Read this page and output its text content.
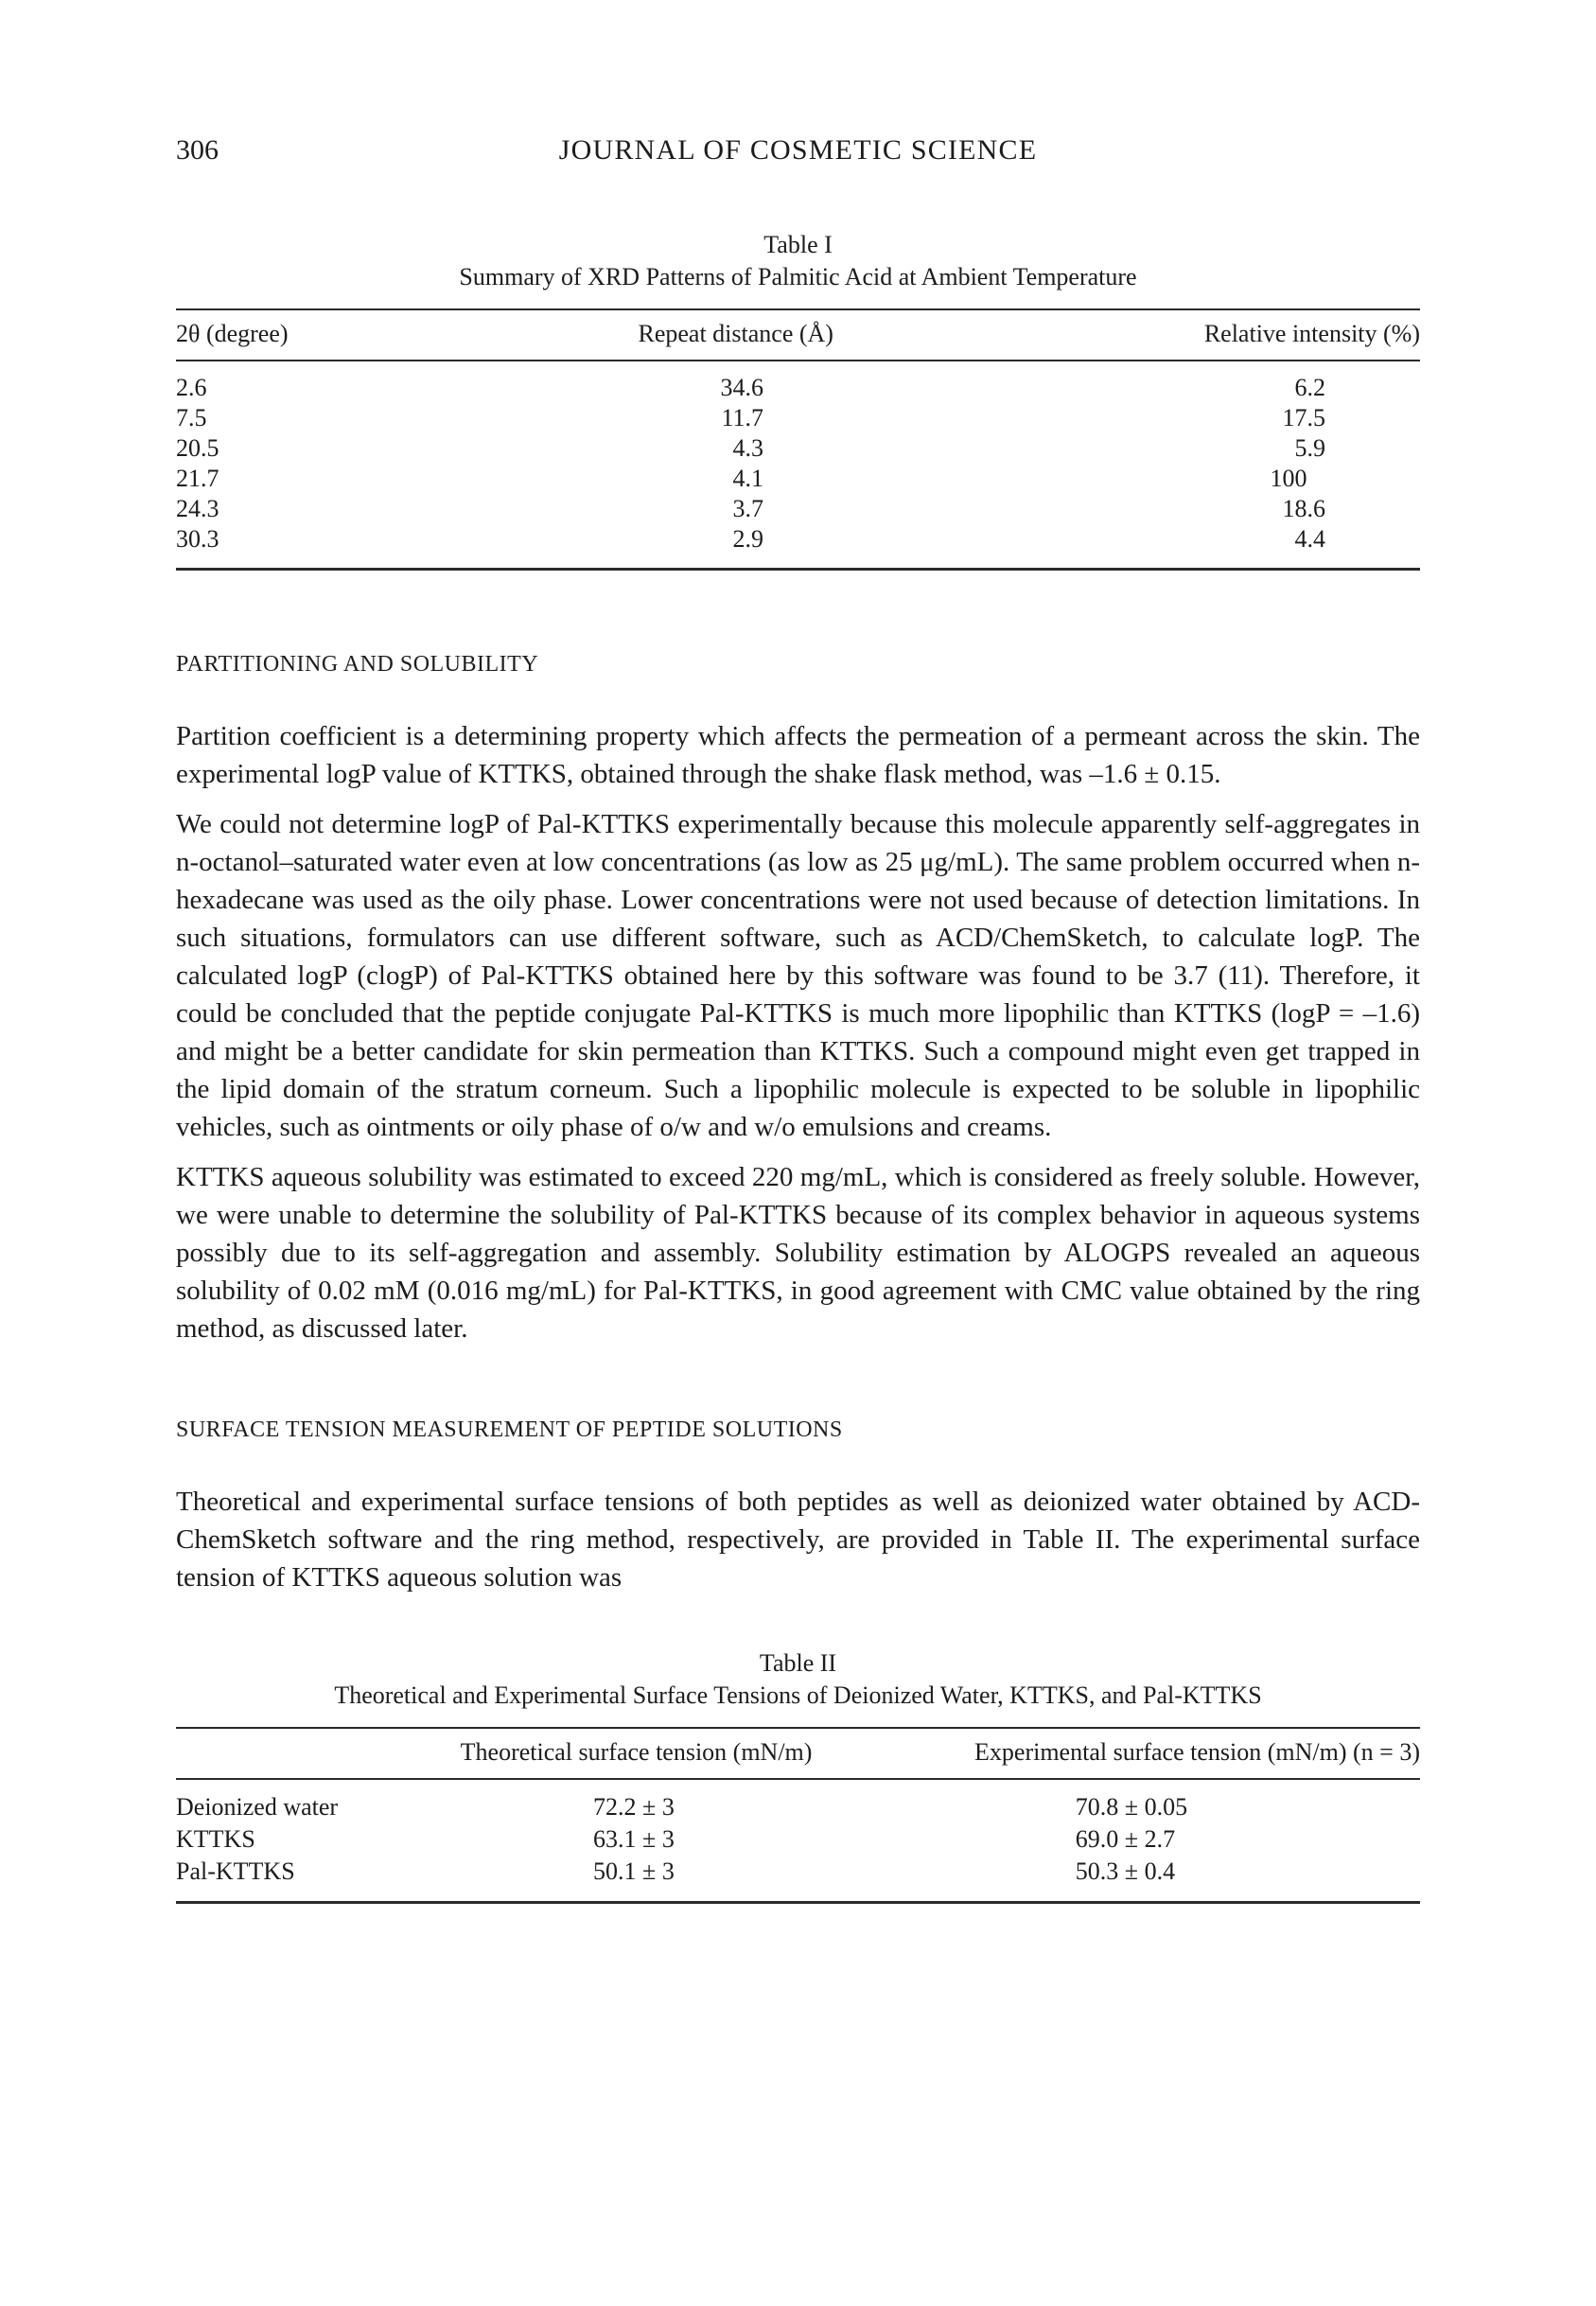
306	JOURNAL OF COSMETIC SCIENCE
Table I
Summary of XRD Patterns of Palmitic Acid at Ambient Temperature
2θ (degree)	Repeat distance (Å)	Relative intensity (%)
2.6	34.6	6.2
7.5	11.7	17.5
20.5	4.3	5.9
21.7	4.1	100
24.3	3.7	18.6
30.3	2.9	4.4
PARTITIONING AND SOLUBILITY

Partition coefficient is a determining property which affects the permeation of a permeant across the skin. The experimental logP value of KTTKS, obtained through the shake flask method, was –1.6 ± 0.15.

We could not determine logP of Pal-KTTKS experimentally because this molecule apparently self-aggregates in n-octanol–saturated water even at low concentrations (as low as 25 μg/mL). The same problem occurred when n-hexadecane was used as the oily phase. Lower concentrations were not used because of detection limitations. In such situations, formulators can use different software, such as ACD/ChemSketch, to calculate logP. The calculated logP (clogP) of Pal-KTTKS obtained here by this software was found to be 3.7 (11). Therefore, it could be concluded that the peptide conjugate Pal-KTTKS is much more lipophilic than KTTKS (logP = –1.6) and might be a better candidate for skin permeation than KTTKS. Such a compound might even get trapped in the lipid domain of the stratum corneum. Such a lipophilic molecule is expected to be soluble in lipophilic vehicles, such as ointments or oily phase of o/w and w/o emulsions and creams.

KTTKS aqueous solubility was estimated to exceed 220 mg/mL, which is considered as freely soluble. However, we were unable to determine the solubility of Pal-KTTKS because of its complex behavior in aqueous systems possibly due to its self-aggregation and assembly. Solubility estimation by ALOGPS revealed an aqueous solubility of 0.02 mM (0.016 mg/mL) for Pal-KTTKS, in good agreement with CMC value obtained by the ring method, as discussed later.

SURFACE TENSION MEASUREMENT OF PEPTIDE SOLUTIONS

Theoretical and experimental surface tensions of both peptides as well as deionized water obtained by ACD-ChemSketch software and the ring method, respectively, are provided in Table II. The experimental surface tension of KTTKS aqueous solution was

Table II
Theoretical and Experimental Surface Tensions of Deionized Water, KTTKS, and Pal-KTTKS
	Theoretical surface tension (mN/m)	Experimental surface tension (mN/m) (n = 3)
Deionized water	72.2 ± 3	70.8 ± 0.05
KTTKS	63.1 ± 3	69.0 ± 2.7
Pal-KTTKS	50.1 ± 3	50.3 ± 0.4
